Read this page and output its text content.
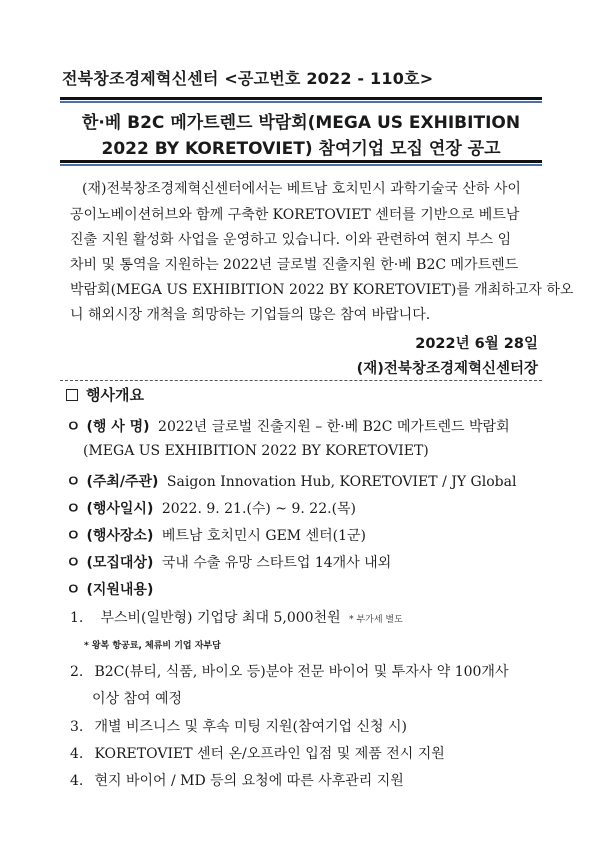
전북창조경제혁신센터 <공고번호 2022 - 110호>
한·베 B2C 메가트렌드 박람회(MEGA US EXHIBITION
2022 BY KORETOVIET) 참여기업 모집 연장 공고
(재)전북창조경제혁신센터에서는 베트남 호치민시 과학기술국 산하 사이
공이노베이션허브와 함께 구축한 KORETOVIET 센터를 기반으로 베트남
진출 지원 활성화 사업을 운영하고 있습니다. 이와 관련하여 현지 부스 임
차비 및 통역을 지원하는 2022년 글로벌 진출지원 한·베 B2C 메가트렌드
박람회(MEGA US EXHIBITION 2022 BY KORETOVIET)를 개최하고자 하오
니 해외시장 개척을 희망하는 기업들의 많은 참여 바랍니다.
2022년 6월 28일
(재)전북창조경제혁신센터장
행사개요
ㅇ (행 사 명) 2022년 글로벌 진출지원 – 한·베 B2C 메가트렌드 박람회
(MEGA US EXHIBITION 2022 BY KORETOVIET)
ㅇ (주최/주관) Saigon Innovation Hub, KORETOVIET / JY Global
ㅇ (행사일시) 2022. 9. 21.(수) ~ 9. 22.(목)
ㅇ (행사장소) 베트남 호치민시 GEM 센터(1군)
ㅇ (모집대상) 국내 수출 유망 스타트업 14개사 내외
ㅇ (지원내용)
1. 부스비(일반형) 기업당 최대 5,000천원 * 부가세 별도
* 왕복 항공료, 체류비 기업 자부담
2. B2C(뷰티, 식품, 바이오 등)분야 전문 바이어 및 투자사 약 100개사
이상 참여 예정
3. 개별 비즈니스 및 후속 미팅 지원(참여기업 신청 시)
4. KORETOVIET 센터 온/오프라인 입점 및 제품 전시 지원
4. 현지 바이어 / MD 등의 요청에 따른 사후관리 지원
